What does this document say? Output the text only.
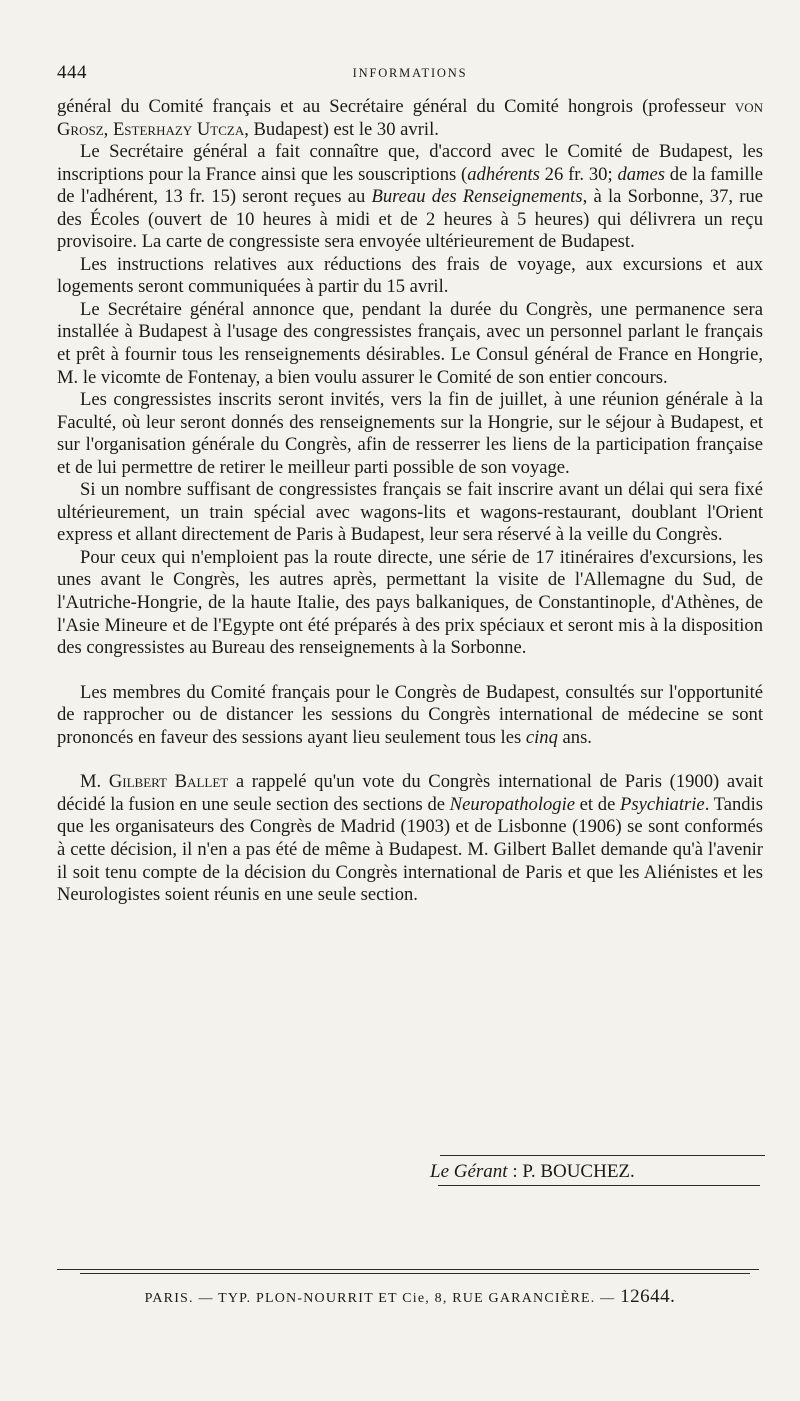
444	INFORMATIONS

général du Comité français et au Secrétaire général du Comité hongrois (professeur von Grosz, Esterhazy Utcza, Budapest) est le 30 avril.

Le Secrétaire général a fait connaître que, d'accord avec le Comité de Budapest, les inscriptions pour la France ainsi que les souscriptions (adhérents 26 fr. 30; dames de la famille de l'adhérent, 13 fr. 15) seront reçues au Bureau des Renseignements, à la Sorbonne, 37, rue des Écoles (ouvert de 10 heures à midi et de 2 heures à 5 heures) qui délivrera un reçu provisoire. La carte de congressiste sera envoyée ultérieurement de Budapest.

Les instructions relatives aux réductions des frais de voyage, aux excursions et aux logements seront communiquées à partir du 15 avril.

Le Secrétaire général annonce que, pendant la durée du Congrès, une permanence sera installée à Budapest à l'usage des congressistes français, avec un personnel parlant le français et prêt à fournir tous les renseignements désirables. Le Consul général de France en Hongrie, M. le vicomte de Fontenay, a bien voulu assurer le Comité de son entier concours.

Les congressistes inscrits seront invités, vers la fin de juillet, à une réunion générale à la Faculté, où leur seront donnés des renseignements sur la Hongrie, sur le séjour à Budapest, et sur l'organisation générale du Congrès, afin de resserrer les liens de la participation française et de lui permettre de retirer le meilleur parti possible de son voyage.

Si un nombre suffisant de congressistes français se fait inscrire avant un délai qui sera fixé ultérieurement, un train spécial avec wagons-lits et wagons-restaurant, doublant l'Orient express et allant directement de Paris à Budapest, leur sera réservé à la veille du Congrès.

Pour ceux qui n'emploient pas la route directe, une série de 17 itinéraires d'excursions, les unes avant le Congrès, les autres après, permettant la visite de l'Allemagne du Sud, de l'Autriche-Hongrie, de la haute Italie, des pays balkaniques, de Constantinople, d'Athènes, de l'Asie Mineure et de l'Egypte ont été préparés à des prix spéciaux et seront mis à la disposition des congressistes au Bureau des renseignements à la Sorbonne.

Les membres du Comité français pour le Congrès de Budapest, consultés sur l'opportunité de rapprocher ou de distancer les sessions du Congrès international de médecine se sont prononcés en faveur des sessions ayant lieu seulement tous les cinq ans.

M. Gilbert Ballet a rappelé qu'un vote du Congrès international de Paris (1900) avait décidé la fusion en une seule section des sections de Neuropathologie et de Psychiatrie. Tandis que les organisateurs des Congrès de Madrid (1903) et de Lisbonne (1906) se sont conformés à cette décision, il n'en a pas été de même à Budapest. M. Gilbert Ballet demande qu'à l'avenir il soit tenu compte de la décision du Congrès international de Paris et que les Aliénistes et les Neurologistes soient réunis en une seule section.

Le Gérant : P. BOUCHEZ.
PARIS. — TYP. PLON-NOURRIT ET Cie, 8, RUE GARANCIÈRE. — 12644.
